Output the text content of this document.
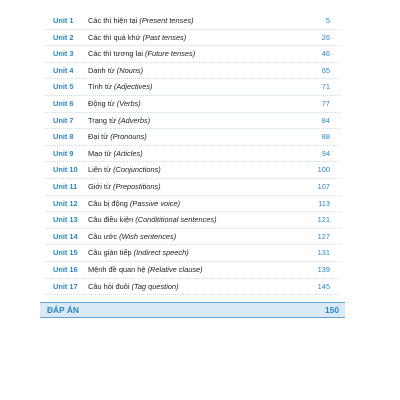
Unit 1 Các thì hiện tại (Present tenses)	5
Unit 2 Các thì quá khứ (Past tenses)	26
Unit 3 Các thì tương lai (Future tenses)	46
Unit 4 Danh từ (Nouns)	65
Unit 5 Tính từ (Adjectives)	71
Unit 6 Động từ (Verbs)	77
Unit 7 Trạng từ (Adverbs)	84
Unit 8 Đại từ (Pronouns)	88
Unit 9 Mạo từ (Articles)	94
Unit 10 Liên từ (Conjunctions)	100
Unit 11 Giới từ (Prepostitions)	107
Unit 12 Câu bị động (Passive voice)	113
Unit 13 Câu điều kiện (Condititional sentences)	121
Unit 14 Câu ước (Wish sentences)	127
Unit 15 Câu gián tiếp (Indirect speech)	131
Unit 16 Mệnh đề quan hệ (Relative clause)	139
Unit 17 Câu hỏi đuôi (Tag question)	145
ĐÁP ÁN	150
